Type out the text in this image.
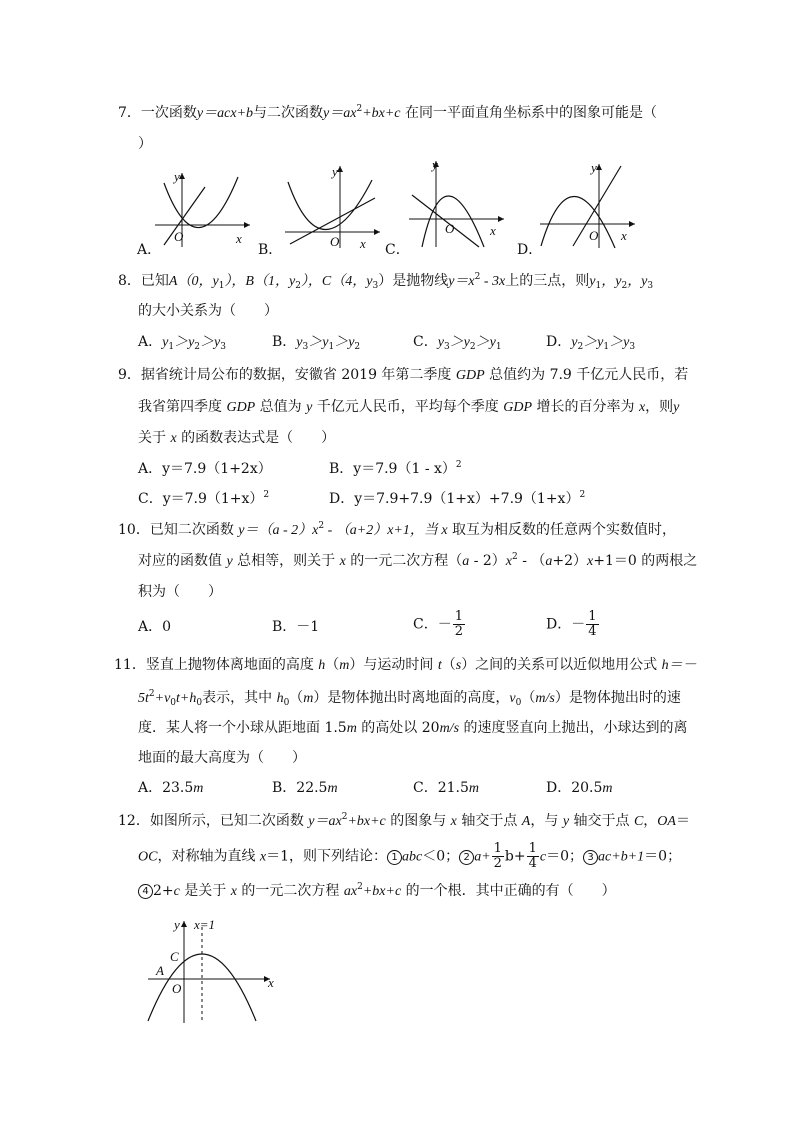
7．一次函数y＝acx+b与二次函数$y=ax^2+bx+c$ 在同一平面直角坐标系中的图象可能是（
）
A．
y
O	x
B．
y
O x C．
y
O	x
D．
y
O x
8．已知A（0，$y_1$），B（1，$y_2$），C（4，$y_3$）是抛物线$y=x^2 - 3x$上的三点，则$y_1$，$y_2$，$y_3$
的大小关系为（　　）
A．$y_1>y_2>y_3$	B．$y_3>y_1>y_2$	C．$y_3>y_2>y_1$	D．$y_2>y_1>y_3$
9．据省统计局公布的数据，安徽省 2019 年第二季度 GDP 总值约为 7.9 千亿元人民币，若
我省第四季度 GDP 总值为 y 千亿元人民币，平均每个季度 GDP 增长的百分率为 x，则y
关于 x 的函数表达式是（　　）
A．y＝7.9（1+2x）	B．y＝7.9（1 - x）$^2$
C．$y=7.9(1+x)^2$	D．$y=7.9+7.9(1+x)+7.9(1+x)^2$
10．已知二次函数 $y=(a - 2)x^2 - (a+2)x+1$，当 x 取互为相反数的任意两个实数值时，
对应的函数值 y 总相等，则关于 x 的一元二次方程$(a - 2)x^2 - (a+2)x+1=0$ 的两根之
积为（　　）
A．0	B．－1	C．－ $\frac{1}{2}$	D．－ $\frac{1}{4}$
11．竖直上抛物体离地面的高度 h（m）与运动时间 t（s）之间的关系可以近似地用公式 h＝－
$5t^2+v_0t+h_0$表示，其中 $h_0(m)$是物体抛出时离地面的高度，$v_0(m/s)$是物体抛出时的速
度．某人将一个小球从距地面 1.5m 的高处以 20m/s 的速度竖直向上抛出，小球达到的离
地面的最大高度为（　　）
A．23.5m	B．22.5m	C．21.5m	D．20.5m
12．如图所示，已知二次函数 $y=ax^2+bx+c$ 的图象与 x 轴交于点 A，与 y 轴交于点 C，OA＝
OC，对称轴为直线 x＝1，则下列结论： 1 abc＜0； 2 $a+ \frac{1}{2} b+ \frac{1}{4} c=0$； 3 ac+b+1＝0；
4 2+c 是关于 x 的一元二次方程 $ax^2+bx+c$ 的一个根．其中正确的有（　　）
y x=1
C
A
O	x
